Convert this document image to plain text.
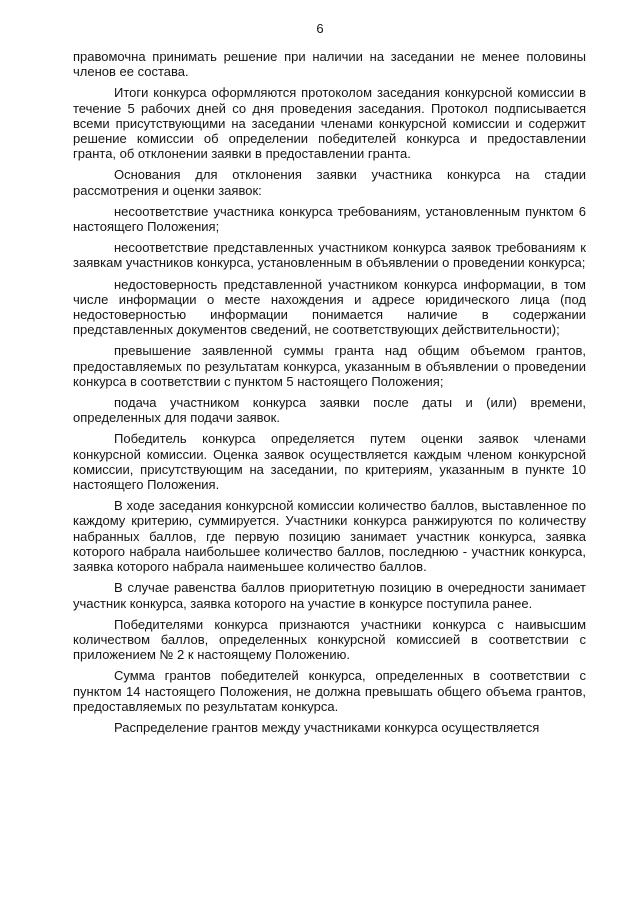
6

правомочна принимать решение при наличии на заседании не менее половины членов ее состава.

Итоги конкурса оформляются протоколом заседания конкурсной комиссии в течение 5 рабочих дней со дня проведения заседания. Протокол подписывается всеми присутствующими на заседании членами конкурсной комиссии и содержит решение комиссии об определении победителей конкурса и предоставлении гранта, об отклонении заявки в предоставлении гранта.

Основания для отклонения заявки участника конкурса на стадии рассмотрения и оценки заявок:

несоответствие участника конкурса требованиям, установленным пунктом 6 настоящего Положения;

несоответствие представленных участником конкурса заявок требованиям к заявкам участников конкурса, установленным в объявлении о проведении конкурса;

недостоверность представленной участником конкурса информации, в том числе информации о месте нахождения и адресе юридического лица (под недостоверностью информации понимается наличие в содержании представленных документов сведений, не соответствующих действительности);

превышение заявленной суммы гранта над общим объемом грантов, предоставляемых по результатам конкурса, указанным в объявлении о проведении конкурса в соответствии с пунктом 5 настоящего Положения;

подача участником конкурса заявки после даты и (или) времени, определенных для подачи заявок.

Победитель конкурса определяется путем оценки заявок членами конкурсной комиссии. Оценка заявок осуществляется каждым членом конкурсной комиссии, присутствующим на заседании, по критериям, указанным в пункте 10 настоящего Положения.

В ходе заседания конкурсной комиссии количество баллов, выставленное по каждому критерию, суммируется. Участники конкурса ранжируются по количеству набранных баллов, где первую позицию занимает участник конкурса, заявка которого набрала наибольшее количество баллов, последнюю - участник конкурса, заявка которого набрала наименьшее количество баллов.

В случае равенства баллов приоритетную позицию в очередности занимает участник конкурса, заявка которого на участие в конкурсе поступила ранее.

Победителями конкурса признаются участники конкурса с наивысшим количеством баллов, определенных конкурсной комиссией в соответствии с приложением № 2 к настоящему Положению.

Сумма грантов победителей конкурса, определенных в соответствии с пунктом 14 настоящего Положения, не должна превышать общего объема грантов, предоставляемых по результатам конкурса.

Распределение грантов между участниками конкурса осуществляется
